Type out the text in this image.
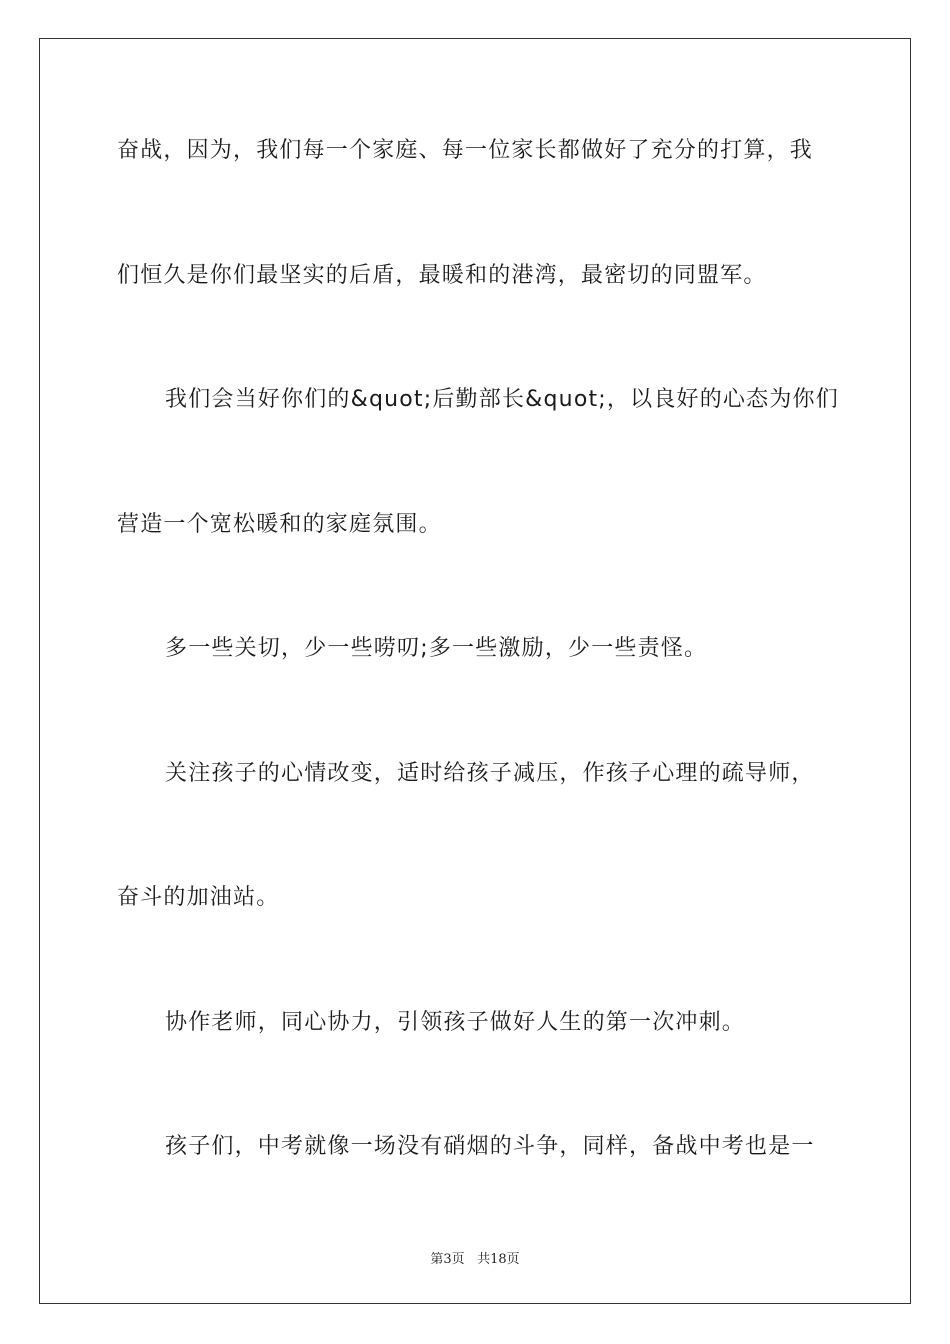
奋战，因为，我们每一个家庭、每一位家长都做好了充分的打算，我
们恒久是你们最坚实的后盾，最暖和的港湾，最密切的同盟军。
我们会当好你们的&quot;后勤部长&quot;，以良好的心态为你们
营造一个宽松暖和的家庭氛围。
多一些关切，少一些唠叨;多一些激励，少一些责怪。
关注孩子的心情改变，适时给孩子减压，作孩子心理的疏导师，
奋斗的加油站。
协作老师，同心协力，引领孩子做好人生的第一次冲刺。
孩子们，中考就像一场没有硝烟的斗争，同样，备战中考也是一
第3页 共18页
